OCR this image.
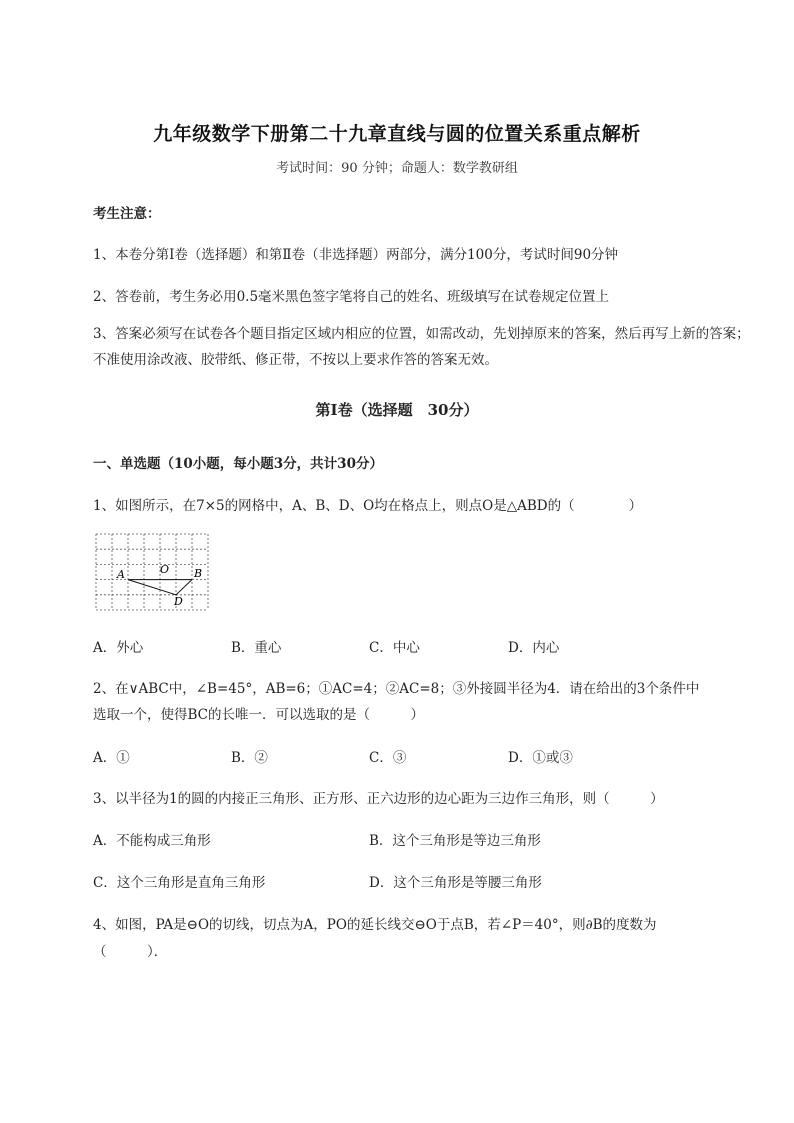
九年级数学下册第二十九章直线与圆的位置关系重点解析
考试时间：90 分钟；命题人：数学教研组
考生注意：
1、本卷分第Ⅰ卷（选择题）和第Ⅱ卷（非选择题）两部分，满分100分，考试时间90分钟
2、答卷前，考生务必用0.5毫米黑色签字笔将自己的姓名、班级填写在试卷规定位置上
3、答案必须写在试卷各个题目指定区域内相应的位置，如需改动，先划掉原来的答案，然后再写上新的答案；不准使用涂改液、胶带纸、修正带，不按以上要求作答的答案无效。
第Ⅰ卷（选择题　30分）
一、单选题（10小题，每小题3分，共计30分）
1、如图所示，在7×5的网格中，A、B、D、O均在格点上，则点O是△ABD的（　　　　）
A	O B
D
A．外心	B．重心	C．中心	D．内心
2、在∨ABC中，∠B=45°，AB=6；①AC=4；②AC=8；③外接圆半径为4．请在给出的3个条件中
选取一个，使得BC的长唯一．可以选取的是（　　　）
A．①	B．②	C．③	D．①或③
3、以半径为1的圆的内接正三角形、正方形、正六边形的边心距为三边作三角形，则（　　　）
A．不能构成三角形	B．这个三角形是等边三角形
C．这个三角形是直角三角形	D．这个三角形是等腰三角形
4、如图，PA是⊖O的切线，切点为A，PO的延长线交⊖O于点B，若∠P＝40°，则∂B的度数为
（　　　）．
